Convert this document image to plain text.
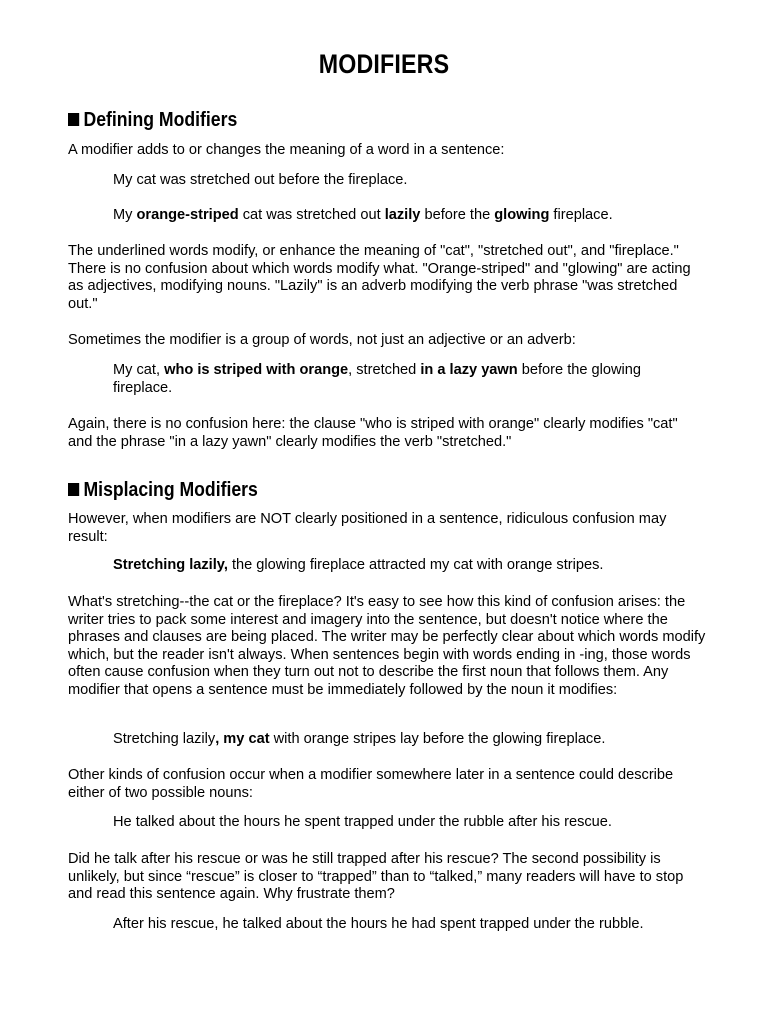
MODIFIERS
Defining Modifiers
A modifier adds to or changes the meaning of a word in a sentence:
My cat was stretched out before the fireplace.
My orange-striped cat was stretched out lazily before the glowing fireplace.
The underlined words modify, or enhance the meaning of "cat", "stretched out", and "fireplace." There is no confusion about which words modify what. "Orange-striped" and "glowing" are acting as adjectives, modifying nouns. "Lazily" is an adverb modifying the verb phrase "was stretched out."
Sometimes the modifier is a group of words, not just an adjective or an adverb:
My cat, who is striped with orange, stretched in a lazy yawn before the glowing fireplace.
Again, there is no confusion here: the clause "who is striped with orange" clearly modifies "cat" and the phrase "in a lazy yawn" clearly modifies the verb "stretched."
Misplacing Modifiers
However, when modifiers are NOT clearly positioned in a sentence, ridiculous confusion may result:
Stretching lazily, the glowing fireplace attracted my cat with orange stripes.
What's stretching--the cat or the fireplace? It's easy to see how this kind of confusion arises: the writer tries to pack some interest and imagery into the sentence, but doesn't notice where the phrases and clauses are being placed. The writer may be perfectly clear about which words modify which, but the reader isn't always. When sentences begin with words ending in -ing, those words often cause confusion when they turn out not to describe the first noun that follows them. Any modifier that opens a sentence must be immediately followed by the noun it modifies:
Stretching lazily, my cat with orange stripes lay before the glowing fireplace.
Other kinds of confusion occur when a modifier somewhere later in a sentence could describe either of two possible nouns:
He talked about the hours he spent trapped under the rubble after his rescue.
Did he talk after his rescue or was he still trapped after his rescue? The second possibility is unlikely, but since “rescue” is closer to “trapped” than to “talked,” many readers will have to stop and read this sentence again. Why frustrate them?
After his rescue, he talked about the hours he had spent trapped under the rubble.
